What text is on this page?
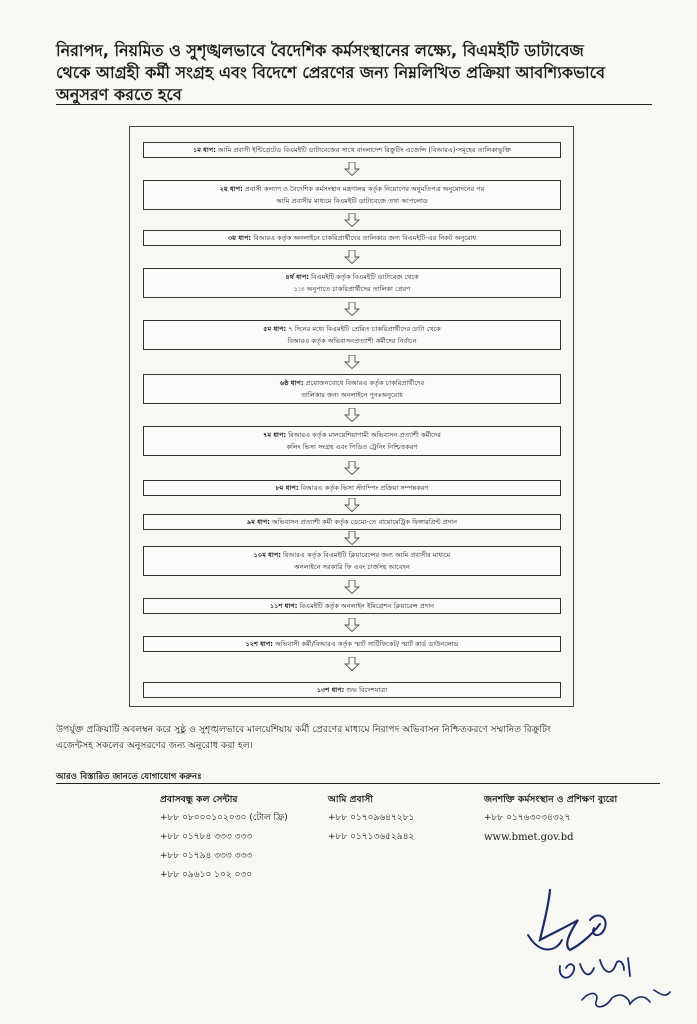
নিরাপদ, নিয়মিত ও সুশৃঙ্খলভাবে বৈদেশিক কর্মসংস্থানের লক্ষ্যে, বিএমইটি ডাটাবেজ
থেকে আগ্রহী কর্মী সংগ্রহ এবং বিদেশে প্রেরণের জন্য নিম্নলিখিত প্রক্রিয়া আবশ্যিকভাবে
অনুসরণ করতে হবে
১ম ধাপ: আমি প্রবাসী ইন্টিগ্রেটেড বিএমইটি ডাটাবেজের সাথে বাংলাদেশ রিক্রুটিং এজেন্সি (বিআরএ)-সমূহের তালিকাভুক্তি
২য় ধাপ: প্রবাসী কল্যাণ ও বৈদেশিক কর্মসংস্থান মন্ত্রণালয় কর্তৃক নিয়োগের অনুমতিপত্র অনুমোদনের পর
আমি প্রবাসীর মাধ্যমে বিএমইটি ডাটাবেজে তথ্য আপলোড
৩য় ধাপ: বিআরএ কর্তৃক অনলাইনে চাকরিপ্রার্থীদের তালিকার জন্য বিএমইটি-এর নিকট অনুরোধ
৪র্থ ধাপ: বিএমইটি কর্তৃক বিএমইটি ডাটাবেজ থেকে
১:৩ অনুপাতে চাকরিপ্রার্থীদের তালিকা প্রেরণ
৫ম ধাপ: ৭ দিনের মধ্যে বিএমইটি প্রেরিত চাকরিপ্রার্থীদের ডাটা থেকে
বিআরএ কর্তৃক অভিবাসনপ্রত্যাশী কর্মীদের নির্বাচন
৬ষ্ঠ ধাপ: প্রয়োজনবোধে বিআরএ কর্তৃক চাকরিপ্রার্থীদের
তালিকার জন্য অনলাইনে পুনঃঅনুরোধ
৭ম ধাপ: বিআরএ কর্তৃক মালয়েশিয়াগামী অভিবাসন প্রত্যাশী কর্মীদের
কলিং ভিসা সংগ্রহ এবং পিডিও ট্রেনিং নিশ্চিতকরণ
৮ম ধাপ: বিআরএ কর্তৃক ভিসা স্ট্যাম্পিং প্রক্রিয়া সম্পন্নকরণ
৯ম ধাপ: অভিবাসন প্রত্যাশী কর্মী কর্তৃক ডেমো-তে বায়োমেট্রিক ফিঙ্গারপ্রিন্ট প্রদান
১০ম ধাপ: বিআরএ কর্তৃক বিএমইটি ক্লিয়ারেন্সের জন্য আমি প্রবাসীর মাধ্যমে
অনলাইনে সরকারি ফি এবং চার্জসহ আবেদন
১১শ ধাপ: বিএমইটি কর্তৃক অনলাইন ইমিগ্রেশন ক্লিয়ারেন্স প্রদান
১২শ ধাপ: অভিবাসী কর্মী/বিআরএ কর্তৃক স্মার্ট সার্টিফিকেট/ স্মার্ট কার্ড ডাউনলোড
১৩শ ধাপ: শুভ বিদেশযাত্রা
উপর্যুক্ত প্রক্রিয়াটি অবলম্বন করে সুষ্ঠু ও সুশৃঙ্খলভাবে মালয়েশিয়ায় কর্মী প্রেরণের মাধ্যমে নিরাপদ অভিবাসন নিশ্চিতকরণে সম্মানিত রিক্রুটিং
এজেন্টসহ সকলের অনুসরণের জন্য অনুরোধ করা হল।
আরও বিস্তারিত জানতে যোগাযোগ করুনঃ
প্রবাসবন্ধু কল সেন্টার
+৮৮ ০৮০০০১০২০৩০ (টোল ফ্রি)
+৮৮ ০১৭৮৪ ৩৩৩ ৩৩৩
+৮৮ ০১৭৯৪ ৩৩৩ ৩৩৩
+৮৮ ০৯৬১০ ১০২ ০৩০
আমি প্রবাসী
+৮৮ ০১৭০৯৬৪৭২৮১
+৮৮ ০১৭১৩৬৫২৯৪২
জনশক্তি কর্মসংস্থান ও প্রশিক্ষণ ব্যুরো
+৮৮ ০১৭৬৩০৩৪৩২৭
www.bmet.gov.bd
